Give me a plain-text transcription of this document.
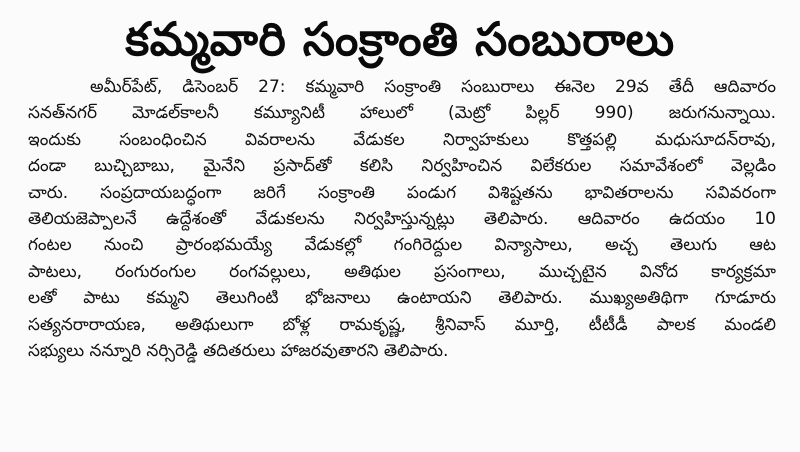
కమ్మవారి సంక్రాంతి సంబురాలు
అమీర్‌పేట్, డిసెంబర్ 27: కమ్మవారి సంక్రాంతి సంబురాలు ఈనెల 29వ తేదీ ఆదివారం
సనత్‌నగర్ మోడల్‌కాలనీ కమ్యూనిటీ హాలులో (మెట్రో పిల్లర్ 990) జరుగనున్నాయి.
ఇందుకు సంబంధించిన వివరాలను వేడుకల నిర్వాహకులు కొత్తపల్లి మధుసూదన్‌రావు,
దండా బుచ్చిబాబు, మైనేని ప్రసాద్‌తో కలిసి నిర్వహించిన విలేకరుల సమావేశంలో వెల్లడిం
చారు. సంప్రదాయబద్ధంగా జరిగే సంక్రాంతి పండుగ విశిష్టతను భావితరాలను సవివరంగా
తెలియజెప్పాలనే ఉద్దేశంతో వేడుకలను నిర్వహిస్తున్నట్లు తెలిపారు. ఆదివారం ఉదయం 10
గంటల నుంచి ప్రారంభమయ్యే వేడుకల్లో గంగిరెద్దుల విన్యాసాలు, అచ్చ తెలుగు ఆట
పాటలు, రంగురంగుల రంగవల్లులు, అతిథుల ప్రసంగాలు, ముచ్చటైన వినోద కార్యక్రమా
లతో పాటు కమ్మని తెలుగింటి భోజనాలు ఉంటాయని తెలిపారు. ముఖ్యఅతిథిగా గూడూరు
సత్యనరారాయణ, అతిథులుగా బోళ్ల రామకృష్ణ, శ్రీనివాస్ మూర్తి, టీటీడీ పాలక మండలి
సభ్యులు నన్నూరి నర్సిరెడ్డి తదితరులు హాజరవుతారని తెలిపారు.
